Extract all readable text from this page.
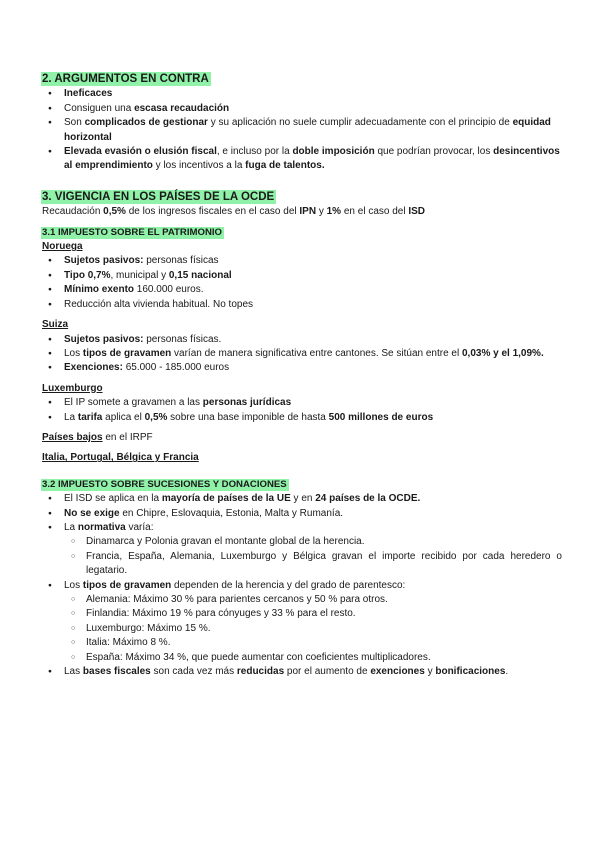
2. ARGUMENTOS EN CONTRA
● Ineficaces
● Consiguen una escasa recaudación
● Son complicados de gestionar y su aplicación no suele cumplir adecuadamente con el principio de equidad horizontal
● Elevada evasión o elusión fiscal, e incluso por la doble imposición que podrían provocar, los desincentivos al emprendimiento y los incentivos a la fuga de talentos.
3. VIGENCIA EN LOS PAÍSES DE LA OCDE

Recaudación 0,5% de los ingresos fiscales en el caso del IPN y 1% en el caso del ISD

3.1 IMPUESTO SOBRE EL PATRIMONIO
Noruega
● Sujetos pasivos: personas físicas
● Tipo 0,7%, municipal y 0,15 nacional
● Mínimo exento 160.000 euros.
● Reducción alta vivienda habitual. No topes
Suiza
● Sujetos pasivos: personas físicas.
● Los tipos de gravamen varían de manera significativa entre cantones. Se sitúan entre el 0,03% y el 1,09%.
● Exenciones: 65.000 - 185.000 euros
Luxemburgo
● El IP somete a gravamen a las personas jurídicas
● La tarifa aplica el 0,5% sobre una base imponible de hasta 500 millones de euros

Países bajos en el IRPF

Italia, Portugal, Bélgica y Francia
3.2 IMPUESTO SOBRE SUCESIONES Y DONACIONES
● El ISD se aplica en la mayoría de países de la UE y en 24 países de la OCDE.
● No se exige en Chipre, Eslovaquia, Estonia, Malta y Rumanía.
● La normativa varía:
○ Dinamarca y Polonia gravan el montante global de la herencia.
○ Francia, España, Alemania, Luxemburgo y Bélgica gravan el importe recibido por cada heredero o legatario.
● Los tipos de gravamen dependen de la herencia y del grado de parentesco:
○ Alemania: Máximo 30 % para parientes cercanos y 50 % para otros.
○ Finlandia: Máximo 19 % para cónyuges y 33 % para el resto.
○ Luxemburgo: Máximo 15 %.
○ Italia: Máximo 8 %.
○ España: Máximo 34 %, que puede aumentar con coeficientes multiplicadores.
● Las bases fiscales son cada vez más reducidas por el aumento de exenciones y bonificaciones.
